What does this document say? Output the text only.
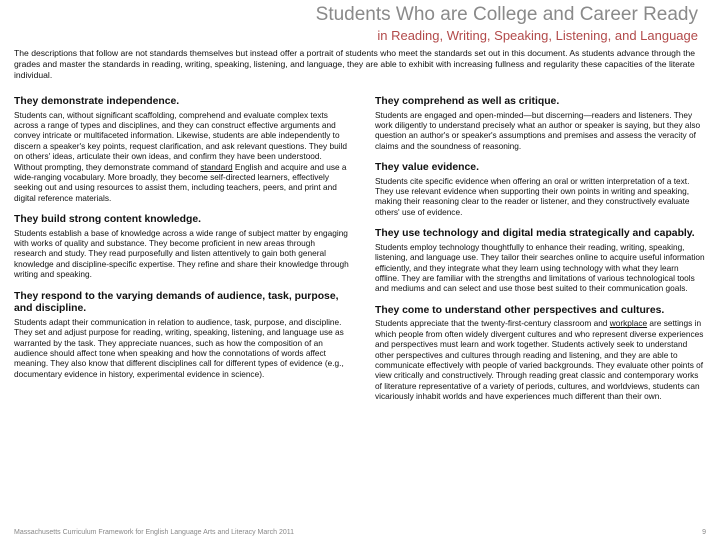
Students Who are College and Career Ready
in Reading, Writing, Speaking, Listening, and Language

The descriptions that follow are not standards themselves but instead offer a portrait of students who meet the standards set out in this document. As students advance through the grades and master the standards in reading, writing, speaking, listening, and language, they are able to exhibit with increasing fullness and regularity these capacities of the literate individual.

They demonstrate independence.

Students can, without significant scaffolding, comprehend and evaluate complex texts across a range of types and disciplines, and they can construct effective arguments and convey intricate or multifaceted information. Likewise, students are able independently to discern a speaker's key points, request clarification, and ask relevant questions. They build on others' ideas, articulate their own ideas, and confirm they have been understood. Without prompting, they demonstrate command of standard English and acquire and use a wide-ranging vocabulary. More broadly, they become self-directed learners, effectively seeking out and using resources to assist them, including teachers, peers, and print and digital reference materials.

They build strong content knowledge.

Students establish a base of knowledge across a wide range of subject matter by engaging with works of quality and substance. They become proficient in new areas through research and study. They read purposefully and listen attentively to gain both general knowledge and discipline-specific expertise. They refine and share their knowledge through writing and speaking.

They respond to the varying demands of audience, task, purpose, and discipline.

Students adapt their communication in relation to audience, task, purpose, and discipline. They set and adjust purpose for reading, writing, speaking, listening, and language use as warranted by the task. They appreciate nuances, such as how the composition of an audience should affect tone when speaking and how the connotations of words affect meaning. They also know that different disciplines call for different types of evidence (e.g., documentary evidence in history, experimental evidence in science).

They comprehend as well as critique.

Students are engaged and open-minded—but discerning—readers and listeners. They work diligently to understand precisely what an author or speaker is saying, but they also question an author's or speaker's assumptions and premises and assess the veracity of claims and the soundness of reasoning.

They value evidence.

Students cite specific evidence when offering an oral or written interpretation of a text. They use relevant evidence when supporting their own points in writing and speaking, making their reasoning clear to the reader or listener, and they constructively evaluate others' use of evidence.

They use technology and digital media strategically and capably.

Students employ technology thoughtfully to enhance their reading, writing, speaking, listening, and language use. They tailor their searches online to acquire useful information efficiently, and they integrate what they learn using technology with what they learn offline. They are familiar with the strengths and limitations of various technological tools and mediums and can select and use those best suited to their communication goals.

They come to understand other perspectives and cultures.

Students appreciate that the twenty-first-century classroom and workplace are settings in which people from often widely divergent cultures and who represent diverse experiences and perspectives must learn and work together. Students actively seek to understand other perspectives and cultures through reading and listening, and they are able to communicate effectively with people of varied backgrounds. They evaluate other points of view critically and constructively. Through reading great classic and contemporary works of literature representative of a variety of periods, cultures, and worldviews, students can vicariously inhabit worlds and have experiences much different than their own.

Massachusetts Curriculum Framework for English Language Arts and Literacy March 2011	9
